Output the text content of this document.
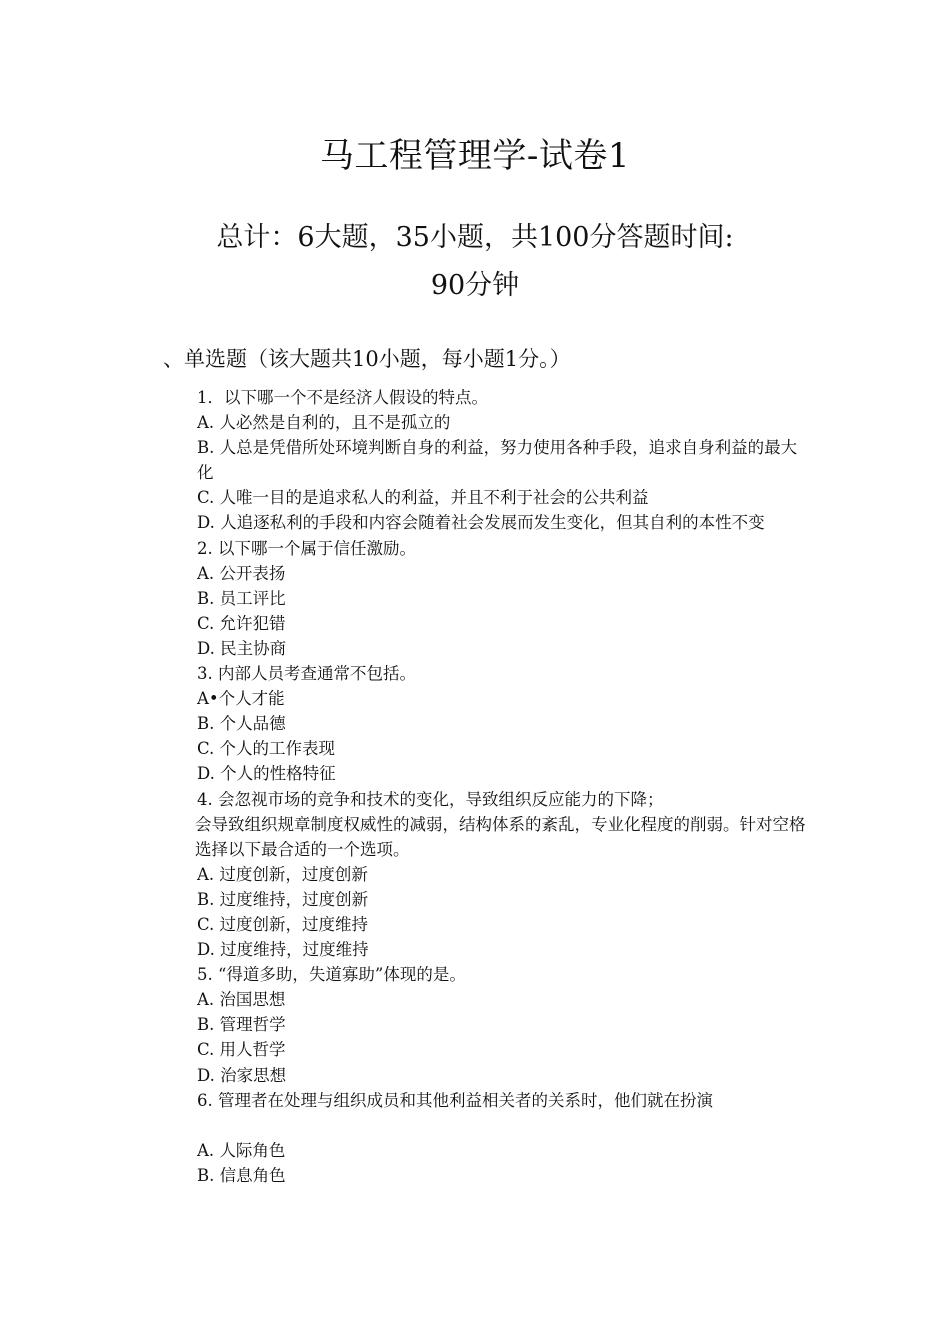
马工程管理学-试卷1
总计：6大题，35小题，共100分答题时间:
90分钟
、单选题（该大题共10小题，每小题1分。）
1．以下哪一个不是经济人假设的特点。
A. 人必然是自利的，且不是孤立的
B. 人总是凭借所处环境判断自身的利益，努力使用各种手段，追求自身利益的最大化
C. 人唯一目的是追求私人的利益，并且不利于社会的公共利益
D. 人追逐私利的手段和内容会随着社会发展而发生变化，但其自利的本性不变
2. 以下哪一个属于信任激励。
A. 公开表扬
B. 员工评比
C. 允许犯错
D. 民主协商
3. 内部人员考查通常不包括。
A•个人才能
B. 个人品德
C. 个人的工作表现
D. 个人的性格特征
4. 会忽视市场的竞争和技术的变化，导致组织反应能力的下降；
会导致组织规章制度权威性的减弱，结构体系的紊乱，专业化程度的削弱。针对空格选择以下最合适的一个选项。
A. 过度创新，过度创新
B. 过度维持，过度创新
C. 过度创新，过度维持
D. 过度维持，过度维持
5. “得道多助，失道寡助”体现的是。
A. 治国思想
B. 管理哲学
C. 用人哲学
D. 治家思想
6. 管理者在处理与组织成员和其他利益相关者的关系时，他们就在扮演
A. 人际角色
B. 信息角色
